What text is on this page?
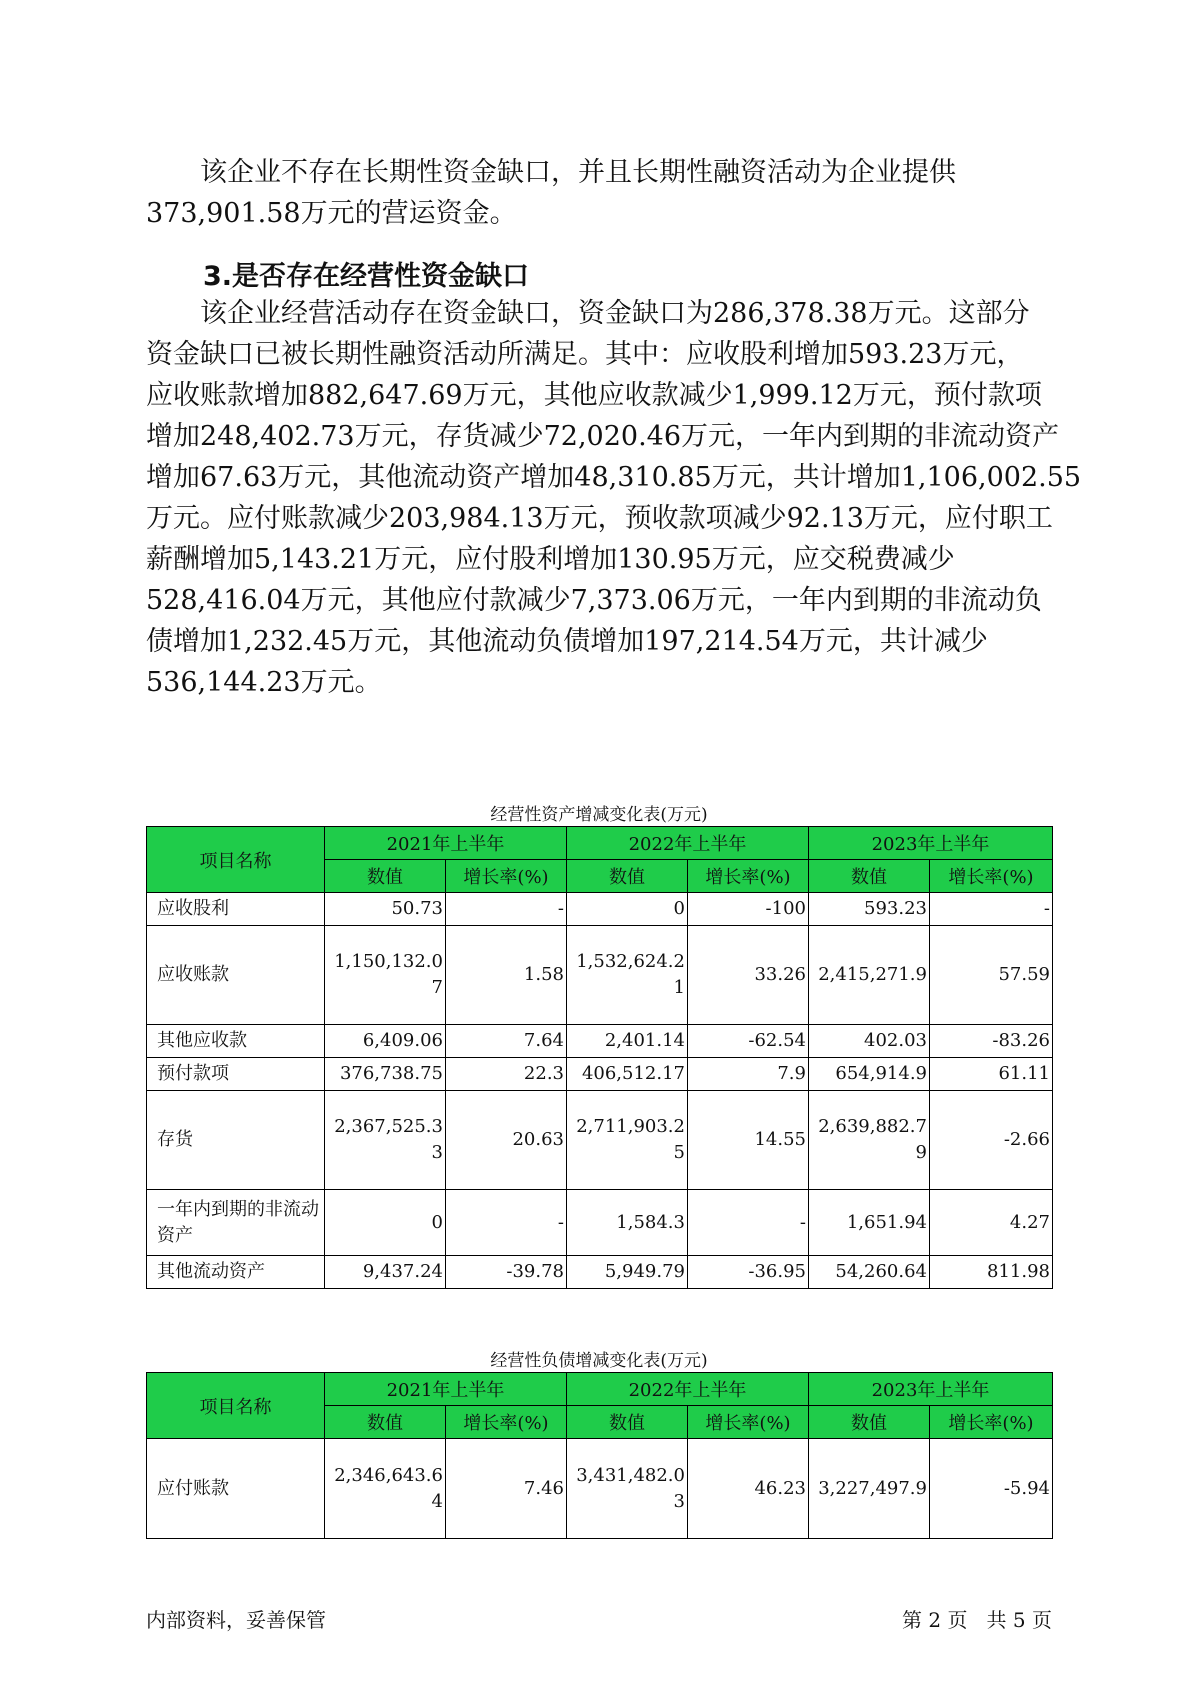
该企业不存在长期性资金缺口，并且长期性融资活动为企业提供
373,901.58万元的营运资金。
3.是否存在经营性资金缺口
该企业经营活动存在资金缺口，资金缺口为286,378.38万元。这部分
资金缺口已被长期性融资活动所满足。其中：应收股利增加593.23万元，
应收账款增加882,647.69万元，其他应收款减少1,999.12万元，预付款项
增加248,402.73万元，存货减少72,020.46万元，一年内到期的非流动资产
增加67.63万元，其他流动资产增加48,310.85万元，共计增加1,106,002.55
万元。应付账款减少203,984.13万元，预收款项减少92.13万元，应付职工
薪酬增加5,143.21万元，应付股利增加130.95万元，应交税费减少
528,416.04万元，其他应付款减少7,373.06万元，一年内到期的非流动负
债增加1,232.45万元，其他流动负债增加197,214.54万元，共计减少
536,144.23万元。
经营性资产增减变化表(万元)
项目名称	2021年上半年		2022年上半年		2023年上半年	
	数值	增长率(%)	数值	增长率(%)	数值	增长率(%)
应收股利	50.73	-	0	-100	593.23	-
应收账款	1,150,132.07	1.58	1,532,624.21	33.26	2,415,271.9	57.59
其他应收款	6,409.06	7.64	2,401.14	-62.54	402.03	-83.26
预付款项	376,738.75	22.3	406,512.17	7.9	654,914.9	61.11
存货	2,367,525.33	20.63	2,711,903.25	14.55	2,639,882.79	-2.66
一年内到期的非流动资产	0	-	1,584.3	-	1,651.94	4.27
其他流动资产	9,437.24	-39.78	5,949.79	-36.95	54,260.64	811.98
经营性负债增减变化表(万元)
项目名称	2021年上半年		2022年上半年		2023年上半年	
	数值	增长率(%)	数值	增长率(%)	数值	增长率(%)
应付账款	2,346,643.64	7.46	3,431,482.03	46.23	3,227,497.9	-5.94
内部资料，妥善保管	第 2 页   共 5 页
